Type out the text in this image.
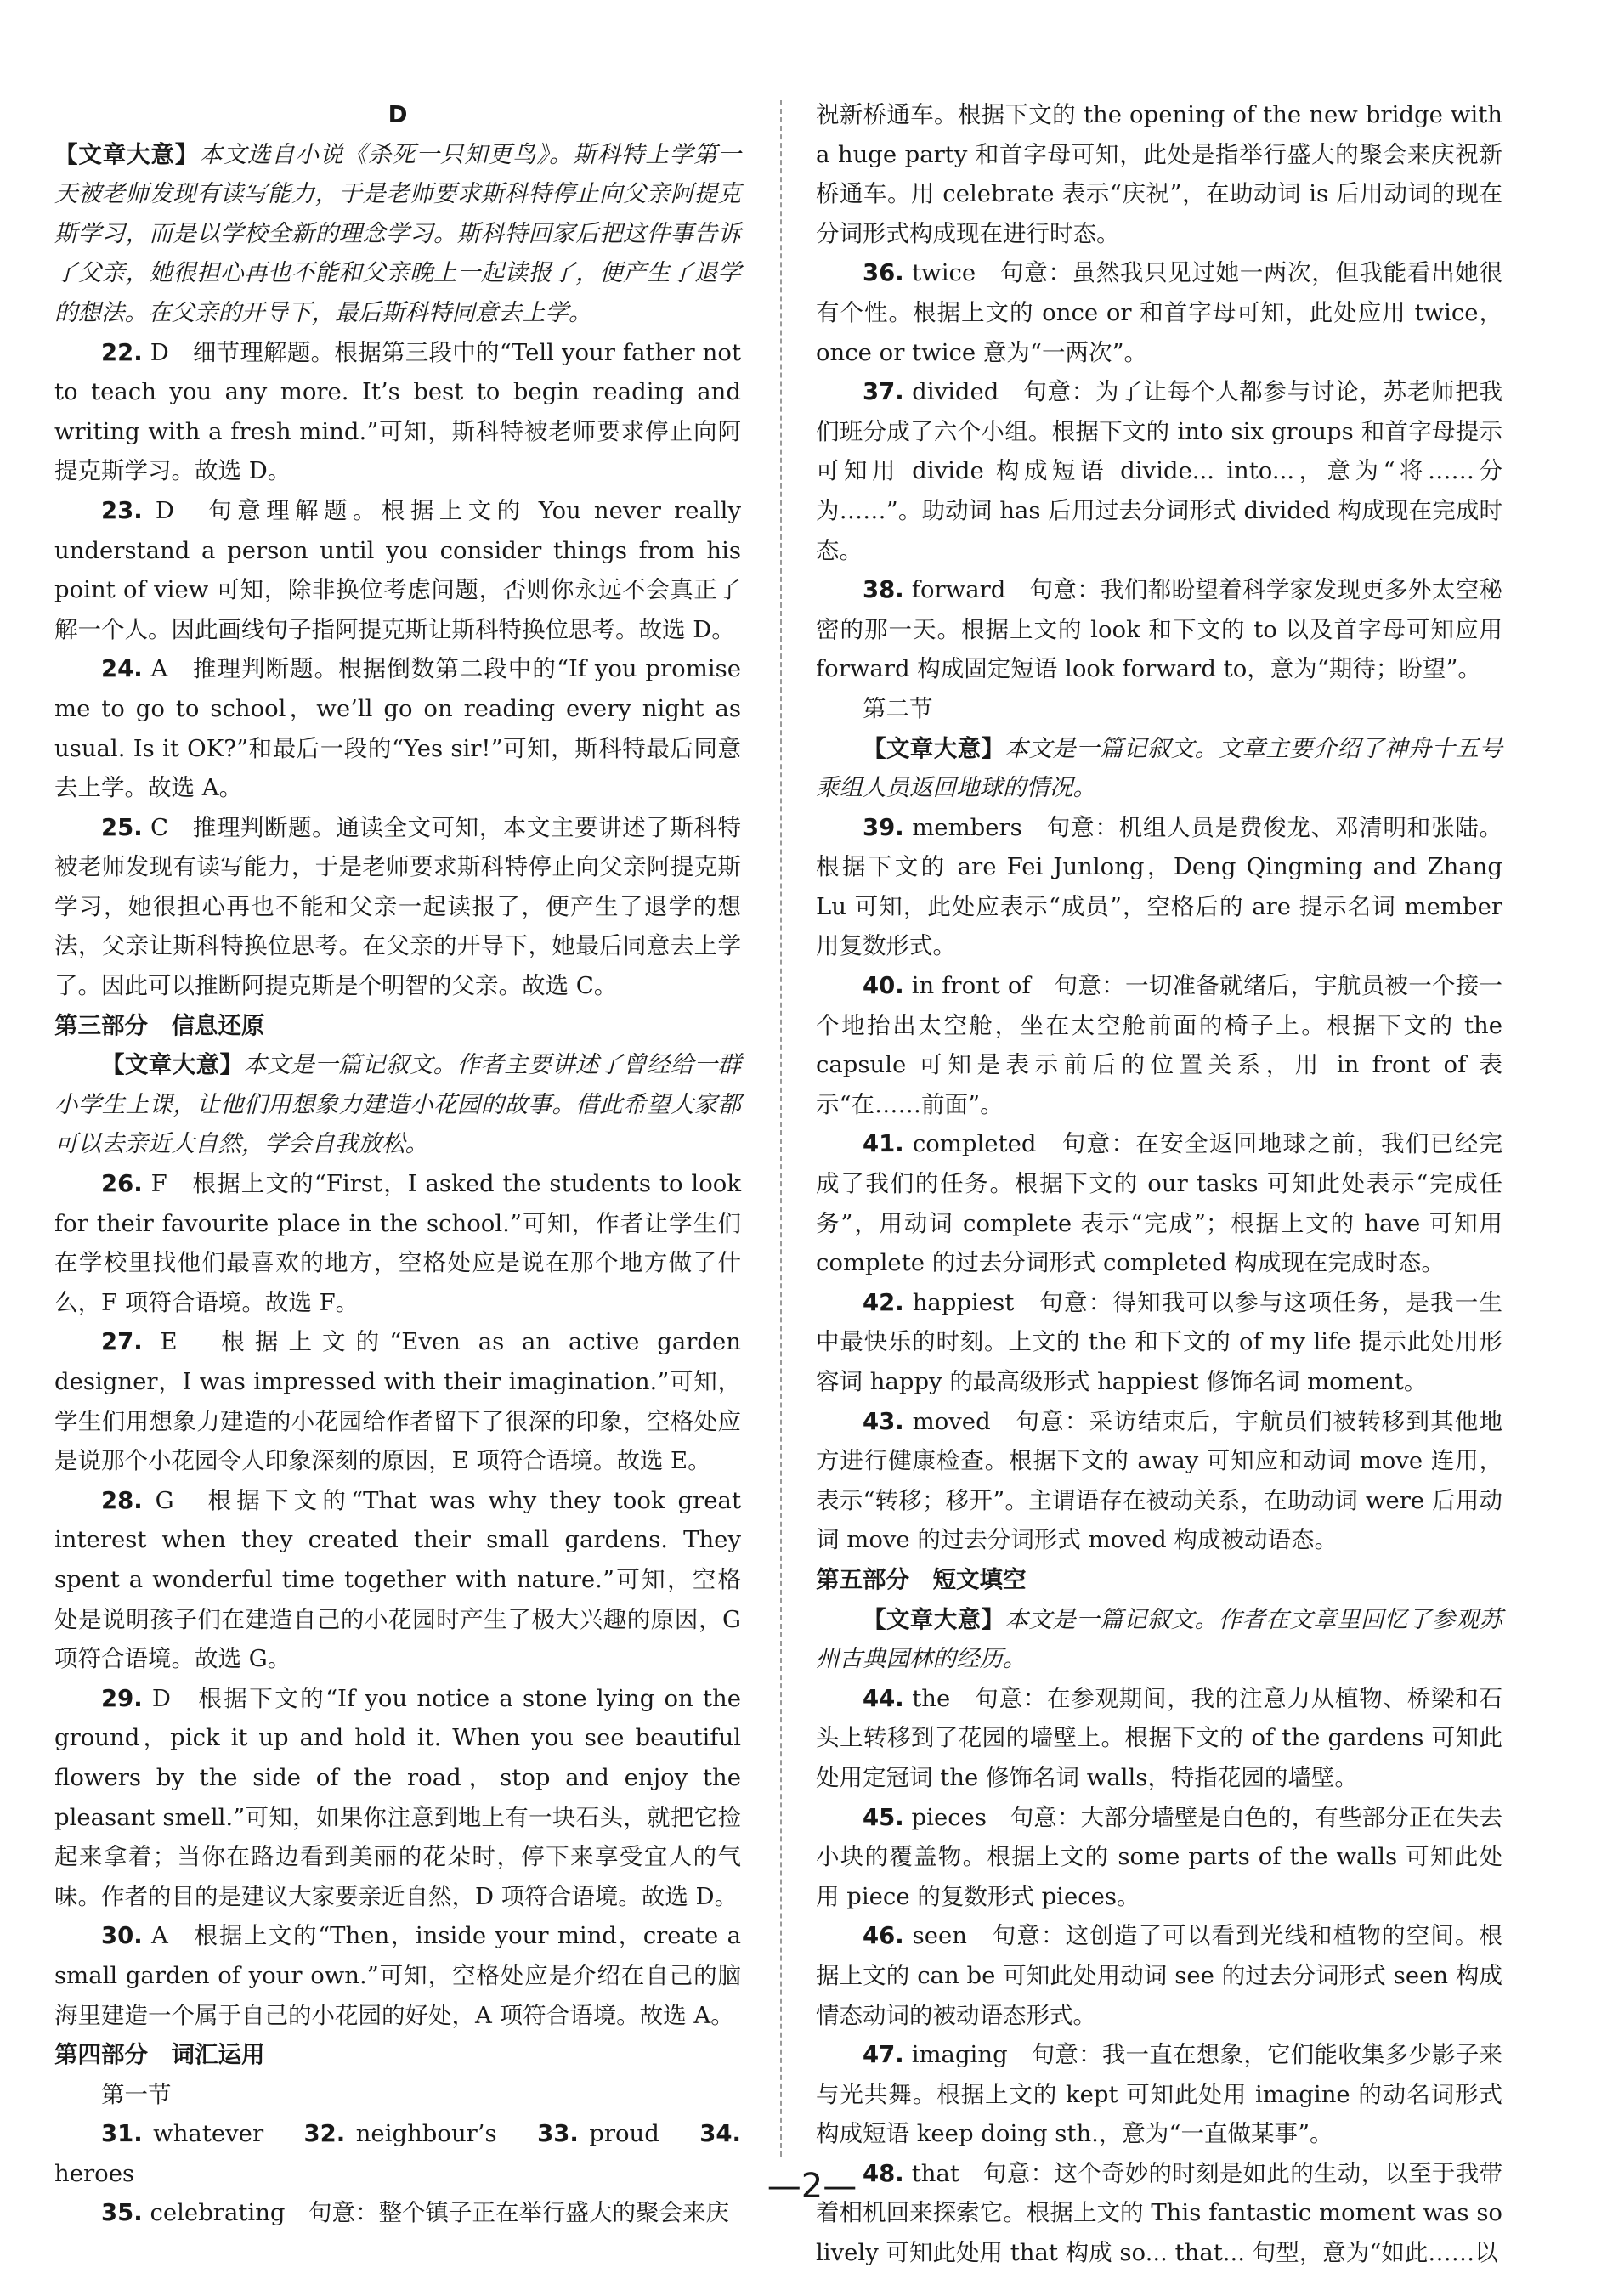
D

【文章大意】本文选自小说《杀死一只知更鸟》。斯科特上学第一天被老师发现有读写能力，于是老师要求斯科特停止向父亲阿提克斯学习，而是以学校全新的理念学习。斯科特回家后把这件事告诉了父亲，她很担心再也不能和父亲晚上一起读报了，便产生了退学的想法。在父亲的开导下，最后斯科特同意去上学。

22. D　细节理解题。根据第三段中的“Tell your father not to teach you any more. It’s best to begin reading and writing with a fresh mind.”可知，斯科特被老师要求停止向阿提克斯学习。故选 D。

23. D　句意理解题。根据上文的 You never really understand a person until you consider things from his point of view 可知，除非换位考虑问题，否则你永远不会真正了解一个人。因此画线句子指阿提克斯让斯科特换位思考。故选 D。

24. A　推理判断题。根据倒数第二段中的“If you promise me to go to school，we’ll go on reading every night as usual. Is it OK?”和最后一段的“Yes sir!”可知，斯科特最后同意去上学。故选 A。

25. C　推理判断题。通读全文可知，本文主要讲述了斯科特被老师发现有读写能力，于是老师要求斯科特停止向父亲阿提克斯学习，她很担心再也不能和父亲一起读报了，便产生了退学的想法，父亲让斯科特换位思考。在父亲的开导下，她最后同意去上学了。因此可以推断阿提克斯是个明智的父亲。故选 C。

第三部分　信息还原

【文章大意】本文是一篇记叙文。作者主要讲述了曾经给一群小学生上课，让他们用想象力建造小花园的故事。借此希望大家都可以去亲近大自然，学会自我放松。

26. F　根据上文的“First，I asked the students to look for their favourite place in the school.”可知，作者让学生们在学校里找他们最喜欢的地方，空格处应是说在那个地方做了什么，F 项符合语境。故选 F。

27. E　根据上文的“Even as an active garden designer，I was impressed with their imagination.”可知，学生们用想象力建造的小花园给作者留下了很深的印象，空格处应是说那个小花园令人印象深刻的原因，E 项符合语境。故选 E。

28. G　根据下文的“That was why they took great interest when they created their small gardens. They spent a wonderful time together with nature.”可知，空格处是说明孩子们在建造自己的小花园时产生了极大兴趣的原因，G 项符合语境。故选 G。

29. D　根据下文的“If you notice a stone lying on the ground，pick it up and hold it. When you see beautiful flowers by the side of the road，stop and enjoy the pleasant smell.”可知，如果你注意到地上有一块石头，就把它捡起来拿着；当你在路边看到美丽的花朵时，停下来享受宜人的气味。作者的目的是建议大家要亲近自然，D 项符合语境。故选 D。

30. A　根据上文的“Then，inside your mind，create a small garden of your own.”可知，空格处应是介绍在自己的脑海里建造一个属于自己的小花园的好处，A 项符合语境。故选 A。

第四部分　词汇运用

第一节

31. whatever　 32. neighbour’s　 33. proud　 34. heroes

35. celebrating　句意：整个镇子正在举行盛大的聚会来庆

祝新桥通车。根据下文的 the opening of the new bridge with a huge party 和首字母可知，此处是指举行盛大的聚会来庆祝新桥通车。用 celebrate 表示“庆祝”，在助动词 is 后用动词的现在分词形式构成现在进行时态。

36. twice　句意：虽然我只见过她一两次，但我能看出她很有个性。根据上文的 once or 和首字母可知，此处应用 twice，once or twice 意为“一两次”。

37. divided　句意：为了让每个人都参与讨论，苏老师把我们班分成了六个小组。根据下文的 into six groups 和首字母提示可知用 divide 构成短语 divide... into...，意为“将……分为……”。助动词 has 后用过去分词形式 divided 构成现在完成时态。

38. forward　句意：我们都盼望着科学家发现更多外太空秘密的那一天。根据上文的 look 和下文的 to 以及首字母可知应用 forward 构成固定短语 look forward to，意为“期待；盼望”。

第二节

【文章大意】本文是一篇记叙文。文章主要介绍了神舟十五号乘组人员返回地球的情况。

39. members　句意：机组人员是费俊龙、邓清明和张陆。根据下文的 are Fei Junlong，Deng Qingming and Zhang Lu 可知，此处应表示“成员”，空格后的 are 提示名词 member 用复数形式。

40. in front of　句意：一切准备就绪后，宇航员被一个接一个地抬出太空舱，坐在太空舱前面的椅子上。根据下文的 the capsule 可知是表示前后的位置关系，用 in front of 表示“在……前面”。

41. completed　句意：在安全返回地球之前，我们已经完成了我们的任务。根据下文的 our tasks 可知此处表示“完成任务”，用动词 complete 表示“完成”；根据上文的 have 可知用 complete 的过去分词形式 completed 构成现在完成时态。

42. happiest　句意：得知我可以参与这项任务，是我一生中最快乐的时刻。上文的 the 和下文的 of my life 提示此处用形容词 happy 的最高级形式 happiest 修饰名词 moment。

43. moved　句意：采访结束后，宇航员们被转移到其他地方进行健康检查。根据下文的 away 可知应和动词 move 连用，表示“转移；移开”。主谓语存在被动关系，在助动词 were 后用动词 move 的过去分词形式 moved 构成被动语态。

第五部分　短文填空

【文章大意】本文是一篇记叙文。作者在文章里回忆了参观苏州古典园林的经历。

44. the　句意：在参观期间，我的注意力从植物、桥梁和石头上转移到了花园的墙壁上。根据下文的 of the gardens 可知此处用定冠词 the 修饰名词 walls，特指花园的墙壁。

45. pieces　句意：大部分墙壁是白色的，有些部分正在失去小块的覆盖物。根据上文的 some parts of the walls 可知此处用 piece 的复数形式 pieces。

46. seen　句意：这创造了可以看到光线和植物的空间。根据上文的 can be 可知此处用动词 see 的过去分词形式 seen 构成情态动词的被动语态形式。

47. imaging　句意：我一直在想象，它们能收集多少影子来与光共舞。根据上文的 kept 可知此处用 imagine 的动名词形式构成短语 keep doing sth.，意为“一直做某事”。

48. that　句意：这个奇妙的时刻是如此的生动，以至于我带着相机回来探索它。根据上文的 This fantastic moment was so lively 可知此处用 that 构成 so... that... 句型，意为“如此……以

—2—
